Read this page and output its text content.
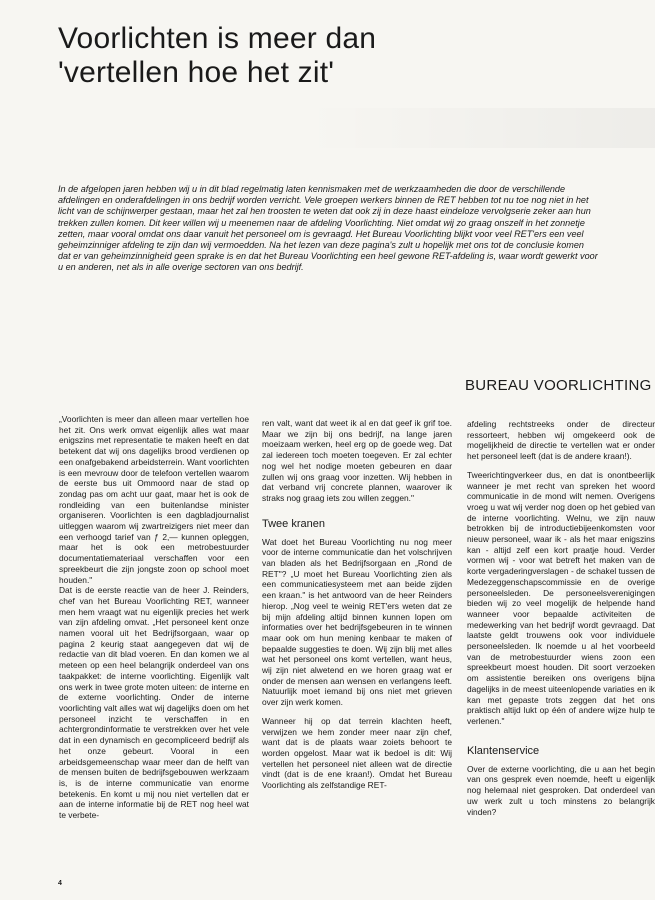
Voorlichten is meer dan
'vertellen hoe het zit'

In de afgelopen jaren hebben wij u in dit blad regelmatig laten kennismaken met de werkzaamheden die door de verschillende afdelingen en onderafdelingen in ons bedrijf worden verricht. Vele groepen werkers binnen de RET hebben tot nu toe nog niet in het licht van de schijnwerper gestaan, maar het zal hen troosten te weten dat ook zij in deze haast eindeloze vervolgserie zeker aan hun trekken zullen komen. Dit keer willen wij u meenemen naar de afdeling Voorlichting. Niet omdat wij zo graag onszelf in het zonnetje zetten, maar vooral omdat ons daar vanuit het personeel om is gevraagd. Het Bureau Voorlichting blijkt voor veel RET'ers een veel geheimzinniger afdeling te zijn dan wij vermoedden. Na het lezen van deze pagina's zult u hopelijk met ons tot de conclusie komen dat er van geheimzinnigheid geen sprake is en dat het Bureau Voorlichting een heel gewone RET-afdeling is, waar wordt gewerkt voor u en anderen, net als in alle overige sectoren van ons bedrijf.

BUREAU VOORLICHTING

„Voorlichten is meer dan alleen maar vertellen hoe het zit. Ons werk omvat eigenlijk alles wat maar enigszins met representatie te maken heeft en dat betekent dat wij ons dagelijks brood verdienen op een onafgebakend arbeidsterrein. Want voorlichten is een mevrouw door de telefoon vertellen waarom de eerste bus uit Ommoord naar de stad op zondag pas om acht uur gaat, maar het is ook de rondleiding van een buitenlandse minister organiseren. Voorlichten is een dagbladjournalist uitleggen waarom wij zwartreizigers niet meer dan een verhoogd tarief van ƒ 2,— kunnen opleggen, maar het is ook een metrobestuurder documentatiemateriaal verschaffen voor een spreekbeurt die zijn jongste zoon op school moet houden."

Dat is de eerste reactie van de heer J. Reinders, chef van het Bureau Voorlichting RET, wanneer men hem vraagt wat nu eigenlijk precies het werk van zijn afdeling omvat. „Het personeel kent onze namen vooral uit het Bedrijfsorgaan, waar op pagina 2 keurig staat aangegeven dat wij de redactie van dit blad voeren. En dan komen we al meteen op een heel belangrijk onderdeel van ons taakpakket: de interne voorlichting. Eigenlijk valt ons werk in twee grote moten uiteen: de interne en de externe voorlichting. Onder de interne voorlichting valt alles wat wij dagelijks doen om het personeel inzicht te verschaffen in en achtergrondinformatie te verstrekken over het vele dat in een dynamisch en gecompliceerd bedrijf als het onze gebeurt. Vooral in een arbeidsgemeenschap waar meer dan de helft van de mensen buiten de bedrijfsgebouwen werkzaam is, is de interne communicatie van enorme betekenis. En komt u mij nou niet vertellen dat er aan de interne informatie bij de RET nog heel wat te verbete-

ren valt, want dat weet ik al en dat geef ik grif toe. Maar we zijn bij ons bedrijf, na lange jaren moeizaam werken, heel erg op de goede weg. Dat zal iedereen toch moeten toegeven. Er zal echter nog wel het nodige moeten gebeuren en daar zullen wij ons graag voor inzetten. Wij hebben in dat verband vrij concrete plannen, waarover ik straks nog graag iets zou willen zeggen."

Twee kranen

Wat doet het Bureau Voorlichting nu nog meer voor de interne communicatie dan het volschrijven van bladen als het Bedrijfsorgaan en „Rond de RET"? „U moet het Bureau Voorlichting zien als een communicatiesysteem met aan beide zijden een kraan." is het antwoord van de heer Reinders hierop. „Nog veel te weinig RET'ers weten dat ze bij mijn afdeling altijd binnen kunnen lopen om informaties over het bedrijfsgebeuren in te winnen maar ook om hun mening kenbaar te maken of bepaalde suggesties te doen. Wij zijn blij met alles wat het personeel ons komt vertellen, want heus, wij zijn niet alwetend en we horen graag wat er onder de mensen aan wensen en verlangens leeft. Natuurlijk moet iemand bij ons niet met grieven over zijn werk komen.

Wanneer hij op dat terrein klachten heeft, verwijzen we hem zonder meer naar zijn chef, want dat is de plaats waar zoiets behoort te worden opgelost. Maar wat ik bedoel is dit: Wij vertellen het personeel niet alleen wat de directie vindt (dat is de ene kraan!). Omdat het Bureau Voorlichting als zelfstandige RET-

afdeling rechtstreeks onder de directeur ressorteert, hebben wij omgekeerd ook de mogelijkheid de directie te vertellen wat er onder het personeel leeft (dat is de andere kraan!).

Tweerichtingverkeer dus, en dat is onontbeerlijk wanneer je met recht van spreken het woord communicatie in de mond wilt nemen. Overigens vroeg u wat wij verder nog doen op het gebied van de interne voorlichting. Welnu, we zijn nauw betrokken bij de introductiebijeenkomsten voor nieuw personeel, waar ik - als het maar enigszins kan - altijd zelf een kort praatje houd. Verder vormen wij - voor wat betreft het maken van de korte vergaderingverslagen - de schakel tussen de Medezeggenschapscommissie en de overige personeelsleden. De personeelsverenigingen bieden wij zo veel mogelijk de helpende hand wanneer voor bepaalde activiteiten de medewerking van het bedrijf wordt gevraagd. Dat laatste geldt trouwens ook voor individuele personeelsleden. Ik noemde u al het voorbeeld van de metrobestuurder wiens zoon een spreekbeurt moest houden. Dit soort verzoeken om assistentie bereiken ons overigens bijna dagelijks in de meest uiteenlopende variaties en ik kan met gepaste trots zeggen dat het ons praktisch altijd lukt op één of andere wijze hulp te verlenen."

Klantenservice

Over de externe voorlichting, die u aan het begin van ons gesprek even noemde, heeft u eigenlijk nog helemaal niet gesproken. Dat onderdeel van uw werk zult u toch minstens zo belangrijk vinden?

4
